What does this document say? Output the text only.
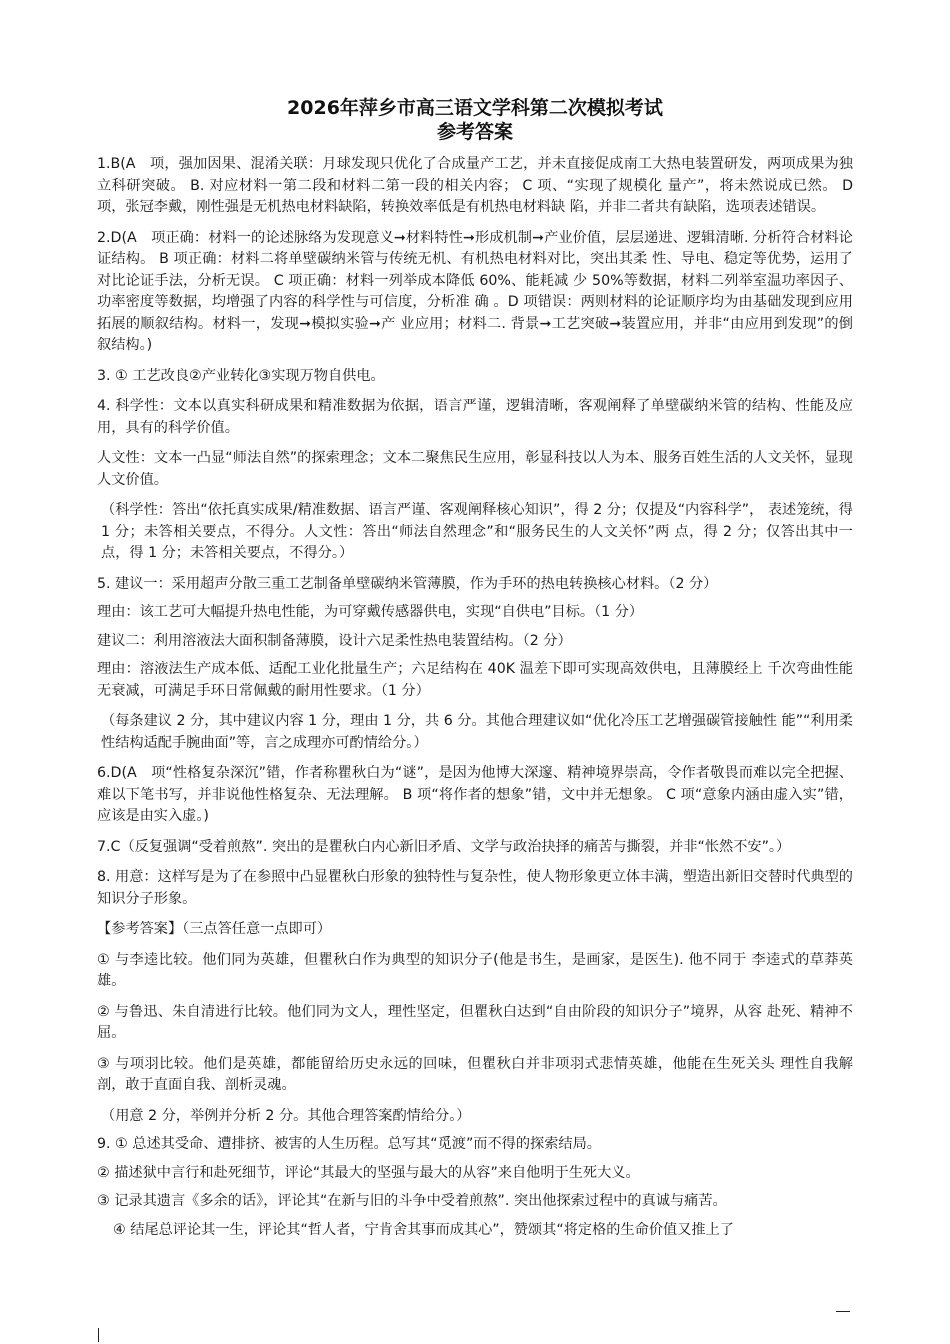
2026年萍乡市高三语文学科第二次模拟考试
参考答案

1.B(A　项，强加因果、混淆关联：月球发现只优化了合成量产工艺，并未直接促成南工大热电装置研发，两项成果为独立科研突破。 B. 对应材料一第二段和材料二第一段的相关内容； C 项、“实现了规模化 量产”，将未然说成已然。 D 项，张冠李戴，刚性强是无机热电材料缺陷，转换效率低是有机热电材料缺 陷，并非二者共有缺陷，选项表述错误。

2.D(A　项正确：材料一的论述脉络为发现意义➞材料特性➞形成机制➞产业价值，层层递进、逻辑清晰. 分析符合材料论证结构。 B 项正确：材料二将单壁碳纳米管与传统无机、有机热电材料对比，突出其柔 性、导电、稳定等优势，运用了对比论证手法，分析无误。 C 项正确：材料一列举成本降低 60%、能耗减 少 50%等数据，材料二列举室温功率因子、功率密度等数据，均增强了内容的科学性与可信度，分析准 确 。D 项错误：两则材料的论证顺序均为由基础发现到应用拓展的顺叙结构。材料一，发现➞模拟实验➞产 业应用；材料二. 背景➞工艺突破➞装置应用，并非“由应用到发现”的倒叙结构。)

3. ① 工艺改良②产业转化③实现万物自供电。

4. 科学性：文本以真实科研成果和精准数据为依据，语言严谨，逻辑清晰，客观阐释了单壁碳纳米管的结构、性能及应用，具有的科学价值。

人文性：文本一凸显“师法自然”的探索理念；文本二聚焦民生应用，彰显科技以人为本、服务百姓生活的人文关怀，显现人文价值。

（科学性：答出“依托真实成果/精准数据、语言严谨、客观阐释核心知识”，得 2 分；仅提及“内容科学”， 表述笼统，得 1 分；未答相关要点，不得分。人文性：答出“师法自然理念”和“服务民生的人文关怀”两 点，得 2 分；仅答出其中一点，得 1 分；未答相关要点，不得分。）

5. 建议一：采用超声分散三重工艺制备单壁碳纳米管薄膜，作为手环的热电转换核心材料。（2 分）

理由：该工艺可大幅提升热电性能，为可穿戴传感器供电，实现“自供电”目标。（1 分）

建议二：利用溶液法大面积制备薄膜，设计六足柔性热电装置结构。（2 分）

理由：溶液法生产成本低、适配工业化批量生产；六足结构在 40K 温差下即可实现高效供电，且薄膜经上 千次弯曲性能无衰减，可满足手环日常佩戴的耐用性要求。（1 分）

（每条建议 2 分，其中建议内容 1 分，理由 1 分，共 6 分。其他合理建议如“优化冷压工艺增强碳管接触性 能”“利用柔性结构适配手腕曲面”等，言之成理亦可酌情给分。）

6.D(A　项“性格复杂深沉”错，作者称瞿秋白为“谜”，是因为他博大深邃、精神境界崇高，令作者敬畏而难以完全把握、难以下笔书写，并非说他性格复杂、无法理解。 B 项“将作者的想象”错，文中并无想象。 C 项“意象内涵由虚入实”错，应该是由实入虚。)

7.C（反复强调“受着煎熬”. 突出的是瞿秋白内心新旧矛盾、文学与政治抉择的痛苦与撕裂，并非“怅然不安”。）

8. 用意：这样写是为了在参照中凸显瞿秋白形象的独特性与复杂性，使人物形象更立体丰满，塑造出新旧交替时代典型的知识分子形象。

【参考答案】（三点答任意一点即可）

① 与李逵比较。他们同为英雄，但瞿秋白作为典型的知识分子(他是书生，是画家，是医生). 他不同于 李逵式的草莽英雄。

② 与鲁迅、朱自清进行比较。他们同为文人，理性坚定，但瞿秋白达到“自由阶段的知识分子”境界，从容 赴死、精神不屈。

③ 与项羽比较。他们是英雄，都能留给历史永远的回味，但瞿秋白并非项羽式悲情英雄，他能在生死关头 理性自我解剖，敢于直面自我、剖析灵魂。

（用意 2 分，举例并分析 2 分。其他合理答案酌情给分。）

9. ① 总述其受命、遭排挤、被害的人生历程。总写其“觅渡”而不得的探索结局。

② 描述狱中言行和赴死细节，评论“其最大的坚强与最大的从容”来自他明于生死大义。

③ 记录其遗言《多余的话》，评论其“在新与旧的斗争中受着煎熬”. 突出他探索过程中的真诚与痛苦。

④ 结尾总评论其一生，评论其“哲人者，宁肯舍其事而成其心”，赞颂其“将定格的生命价值又推上了
